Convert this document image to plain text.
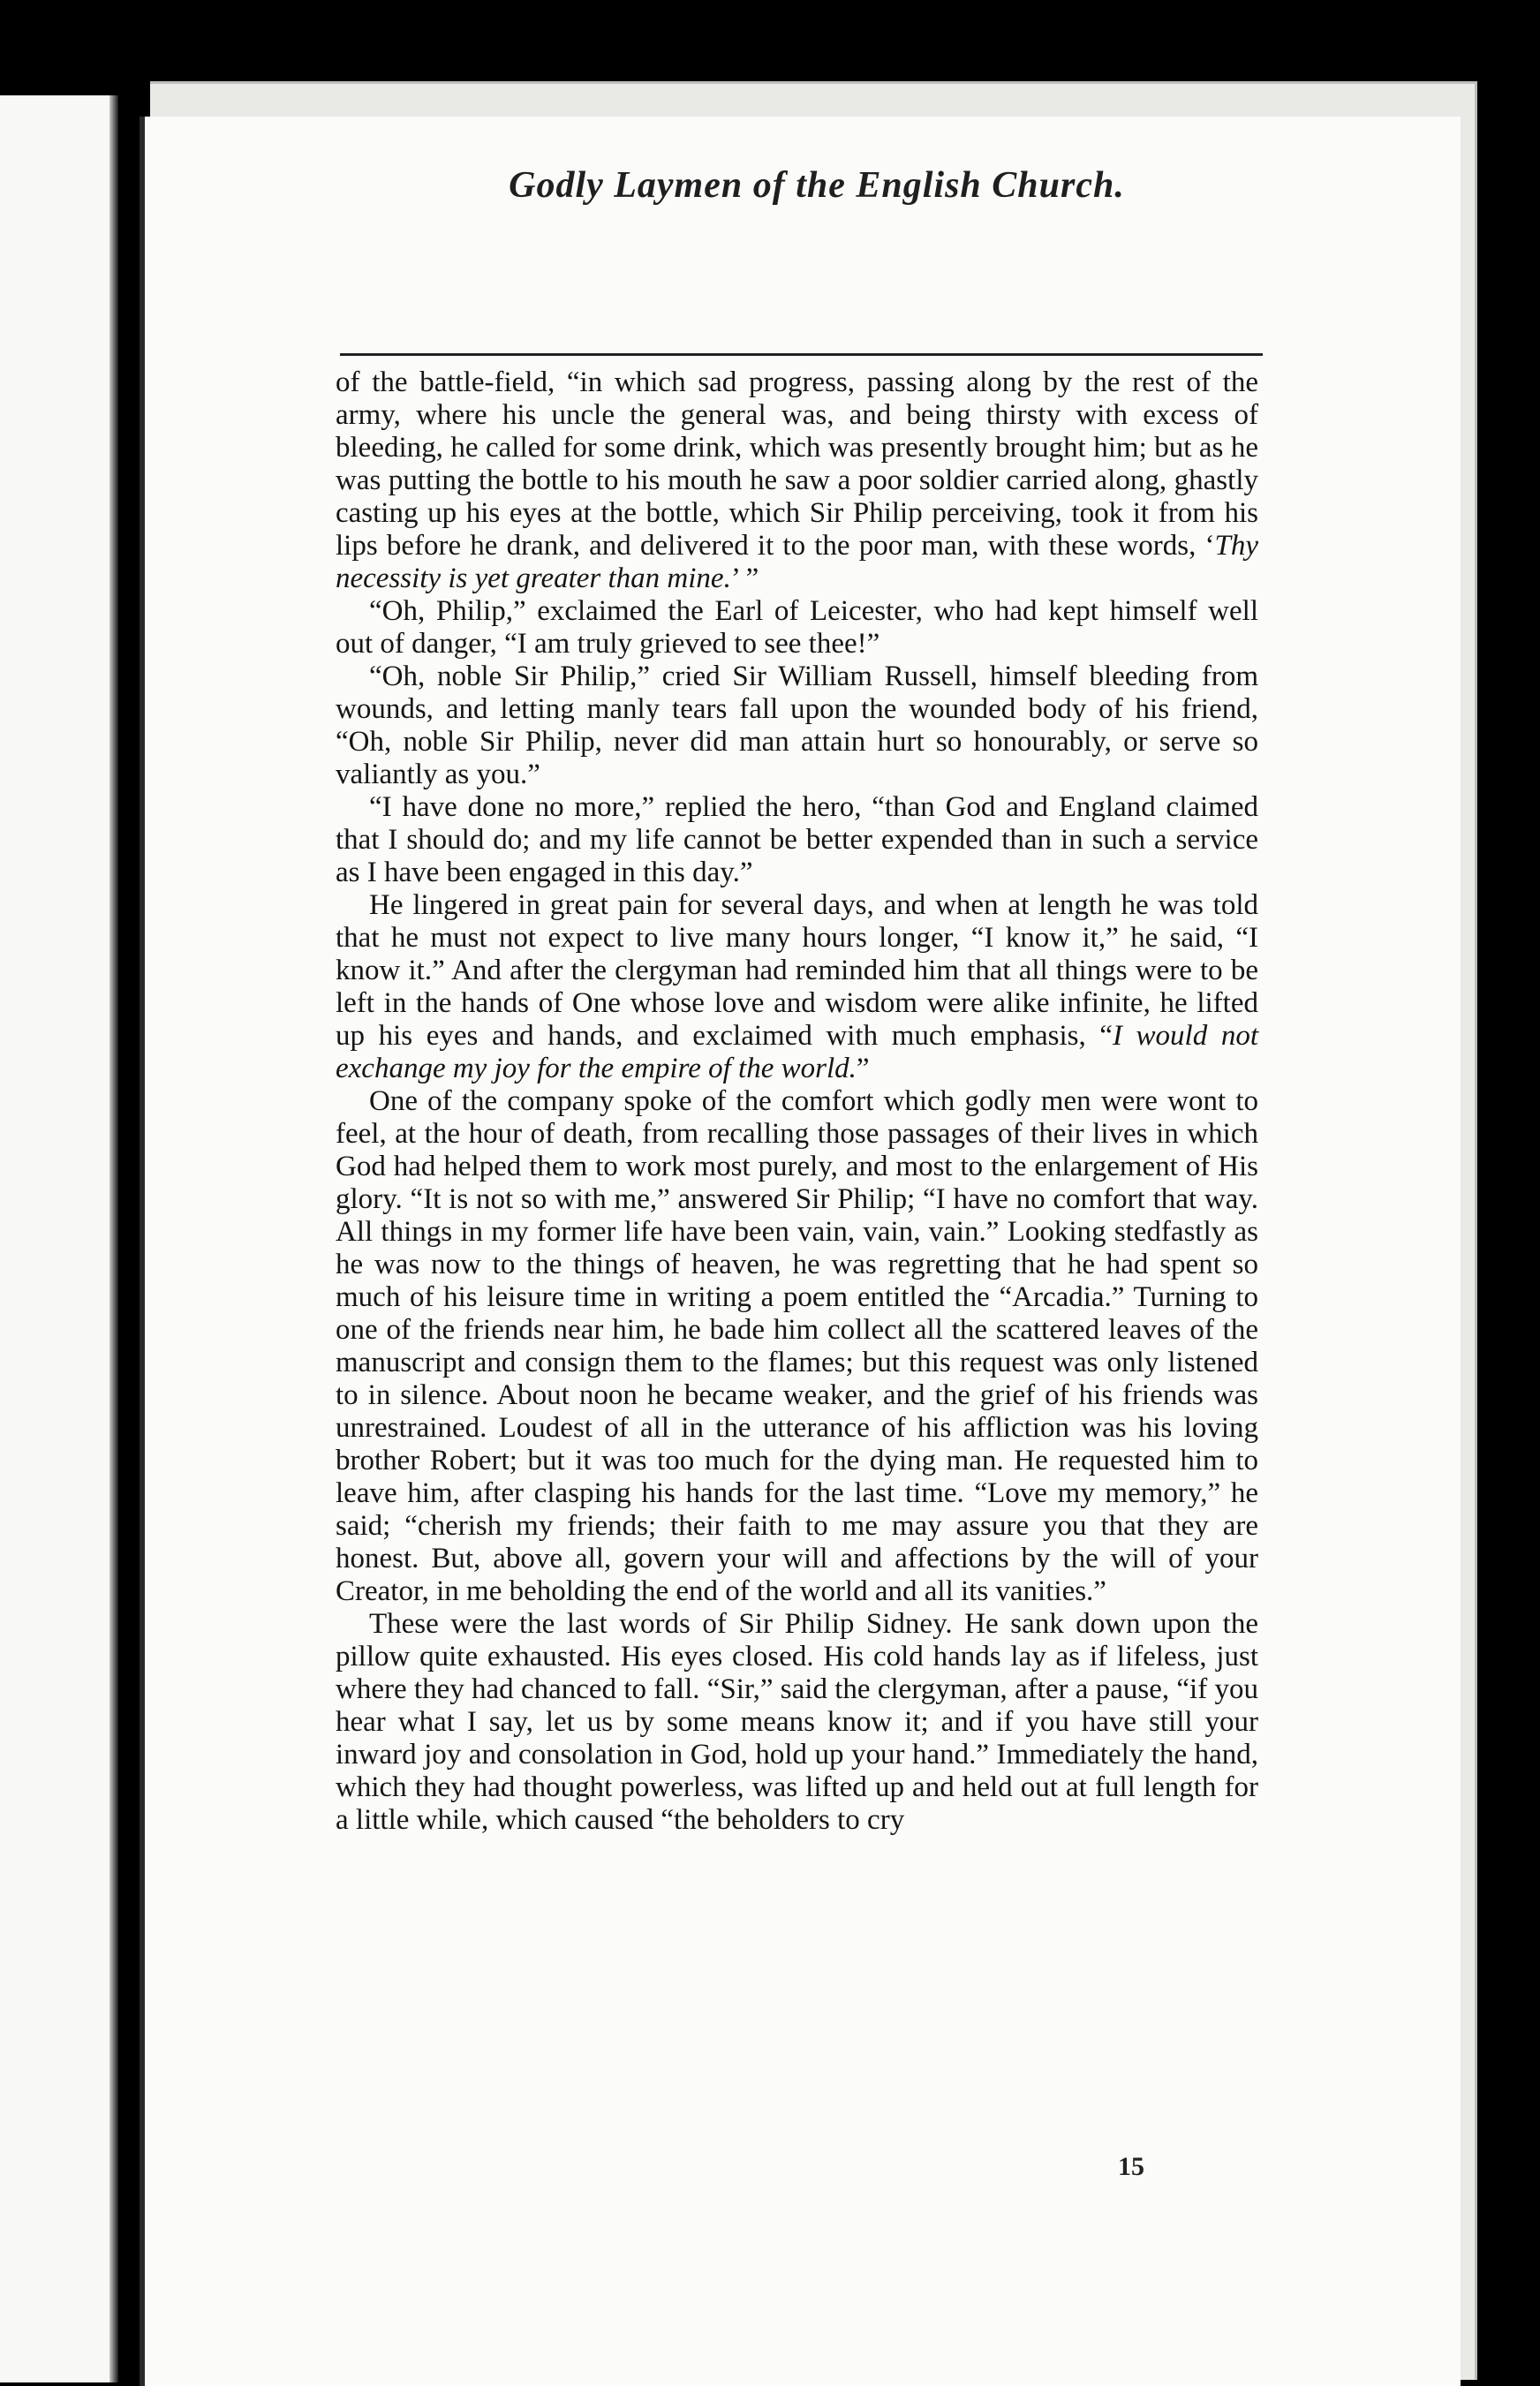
Godly Laymen of the English Church.

of the battle-field, “in which sad progress, passing along by the rest of the army, where his uncle the general was, and being thirsty with excess of bleeding, he called for some drink, which was presently brought him; but as he was putting the bottle to his mouth he saw a poor soldier carried along, ghastly casting up his eyes at the bottle, which Sir Philip perceiving, took it from his lips before he drank, and delivered it to the poor man, with these words, ‘Thy necessity is yet greater than mine.’ ”

“Oh, Philip,” exclaimed the Earl of Leicester, who had kept himself well out of danger, “I am truly grieved to see thee!”

“Oh, noble Sir Philip,” cried Sir William Russell, himself bleeding from wounds, and letting manly tears fall upon the wounded body of his friend, “Oh, noble Sir Philip, never did man attain hurt so honourably, or serve so valiantly as you.”

“I have done no more,” replied the hero, “than God and England claimed that I should do; and my life cannot be better expended than in such a service as I have been engaged in this day.”

He lingered in great pain for several days, and when at length he was told that he must not expect to live many hours longer, “I know it,” he said, “I know it.” And after the clergyman had reminded him that all things were to be left in the hands of One whose love and wisdom were alike infinite, he lifted up his eyes and hands, and exclaimed with much emphasis, “I would not exchange my joy for the empire of the world.”

One of the company spoke of the comfort which godly men were wont to feel, at the hour of death, from recalling those passages of their lives in which God had helped them to work most purely, and most to the enlargement of His glory. “It is not so with me,” answered Sir Philip; “I have no comfort that way. All things in my former life have been vain, vain, vain.” Looking stedfastly as he was now to the things of heaven, he was regretting that he had spent so much of his leisure time in writing a poem entitled the “Arcadia.” Turning to one of the friends near him, he bade him collect all the scattered leaves of the manuscript and consign them to the flames; but this request was only listened to in silence. About noon he became weaker, and the grief of his friends was unrestrained. Loudest of all in the utterance of his affliction was his loving brother Robert; but it was too much for the dying man. He requested him to leave him, after clasping his hands for the last time. “Love my memory,” he said; “cherish my friends; their faith to me may assure you that they are honest. But, above all, govern your will and affections by the will of your Creator, in me beholding the end of the world and all its vanities.”

These were the last words of Sir Philip Sidney. He sank down upon the pillow quite exhausted. His eyes closed. His cold hands lay as if lifeless, just where they had chanced to fall. “Sir,” said the clergyman, after a pause, “if you hear what I say, let us by some means know it; and if you have still your inward joy and consolation in God, hold up your hand.” Immediately the hand, which they had thought powerless, was lifted up and held out at full length for a little while, which caused “the beholders to cry

15
